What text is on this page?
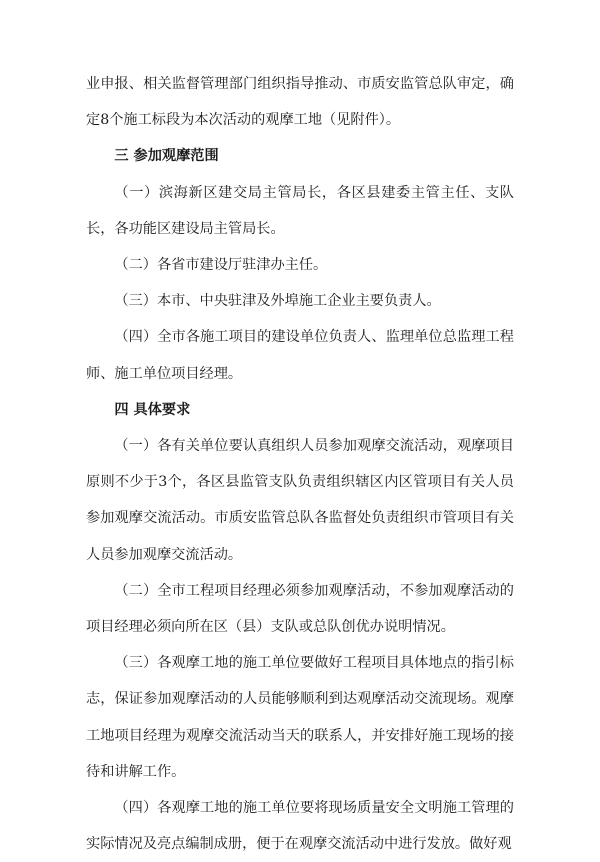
业申报、相关监督管理部门组织指导推动、市质安监管总队审定，确定8个施工标段为本次活动的观摩工地（见附件）。

三 参加观摩范围

（一）滨海新区建交局主管局长，各区县建委主管主任、支队长，各功能区建设局主管局长。

（二）各省市建设厅驻津办主任。

（三）本市、中央驻津及外埠施工企业主要负责人。

（四）全市各施工项目的建设单位负责人、监理单位总监理工程师、施工单位项目经理。

四 具体要求

（一）各有关单位要认真组织人员参加观摩交流活动，观摩项目原则不少于3个，各区县监管支队负责组织辖区内区管项目有关人员参加观摩交流活动。市质安监管总队各监督处负责组织市管项目有关人员参加观摩交流活动。

（二）全市工程项目经理必须参加观摩活动，不参加观摩活动的项目经理必须向所在区（县）支队或总队创优办说明情况。

（三）各观摩工地的施工单位要做好工程项目具体地点的指引标志，保证参加观摩活动的人员能够顺利到达观摩活动交流现场。观摩工地项目经理为观摩交流活动当天的联系人，并安排好施工现场的接待和讲解工作。

（四）各观摩工地的施工单位要将现场质量安全文明施工管理的实际情况及亮点编制成册，便于在观摩交流活动中进行发放。做好观
